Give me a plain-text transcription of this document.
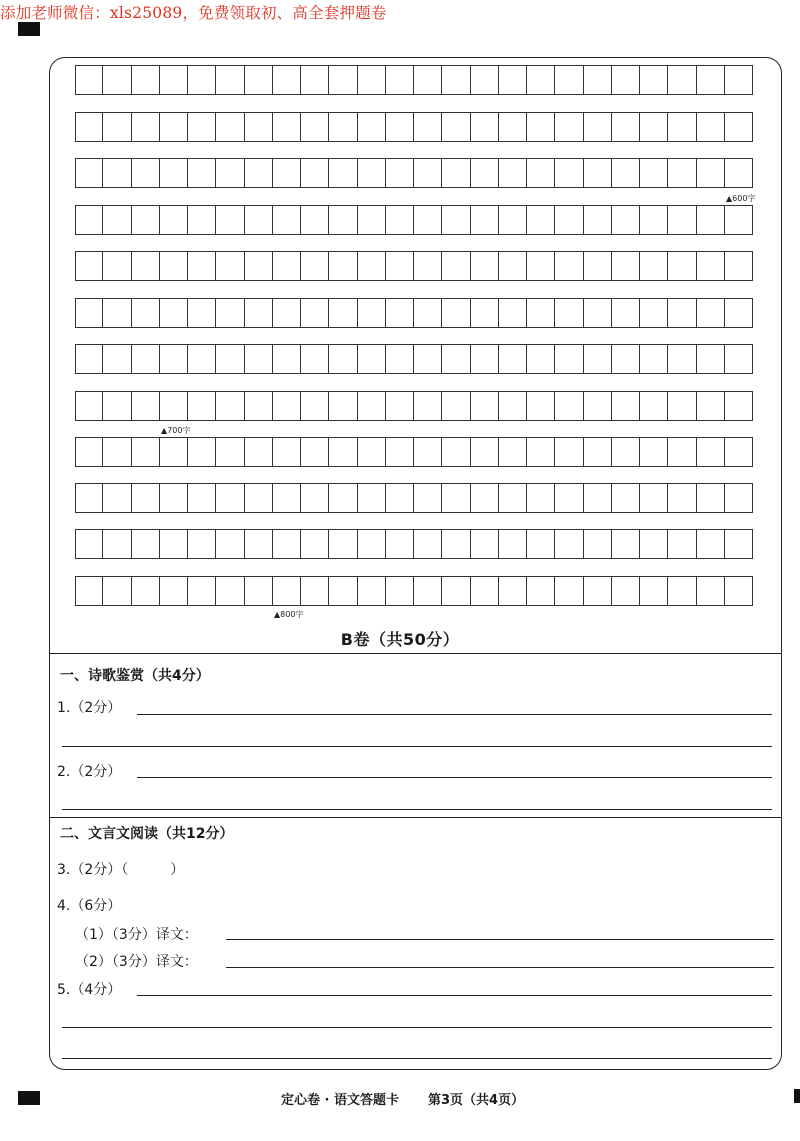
添加老师微信：xls25089，免费领取初、高全套押题卷
▲600字
▲700字
▲800字
B卷（共50分）
一、诗歌鉴赏（共4分）
1.（2分）
2.（2分）
二、文言文阅读（共12分）
3.（2分）（　　　）
4.（6分）
（1）（3分）译文：
（2）（3分）译文：
5.（4分）
定心卷 · 语文答题卡 第3页（共4页）
